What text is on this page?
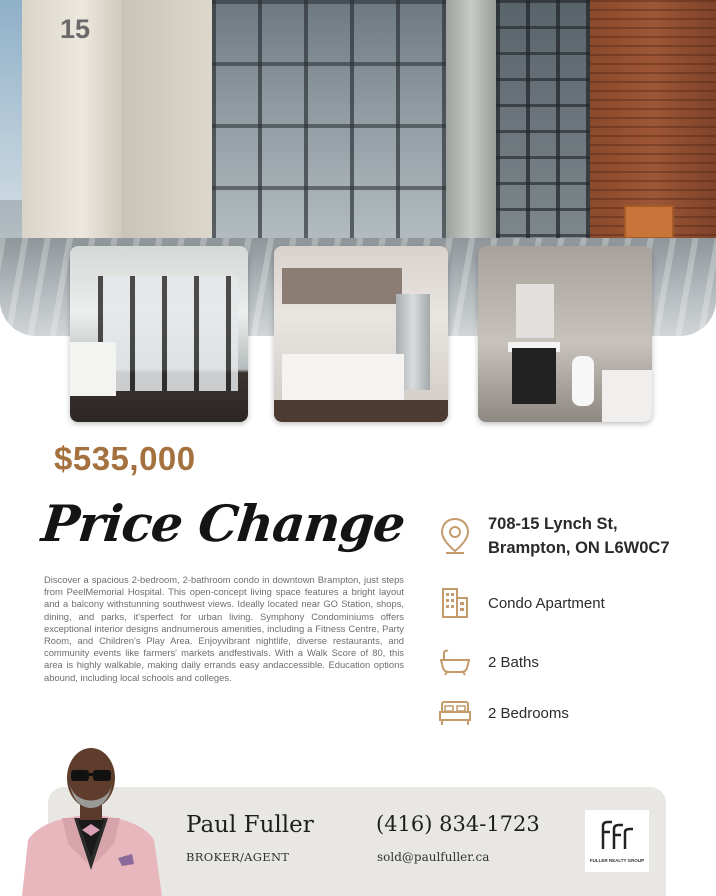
15
$535,000
Price Change

Discover a spacious 2-bedroom, 2-bathroom condo in downtown Brampton, just steps from PeelMemorial Hospital. This open-concept living space features a bright layout and a balcony withstunning southwest views. Ideally located near GO Station, shops, dining, and parks, it'sperfect for urban living. Symphony Condominiums offers exceptional interior designs andnumerous amenities, including a Fitness Centre, Party Room, and Children's Play Area. Enjoyvibrant nightlife, diverse restaurants, and community events like farmers' markets andfestivals. With a Walk Score of 80, this area is highly walkable, making daily errands easy andaccessible. Education options abound, including local schools and colleges.

708-15 Lynch St,
Brampton, ON L6W0C7
Condo Apartment
2 Baths
2 Bedrooms
Paul Fuller
BROKER/AGENT
(416) 834-1723
sold@paulfuller.ca	FULLER REALTY GROUP
